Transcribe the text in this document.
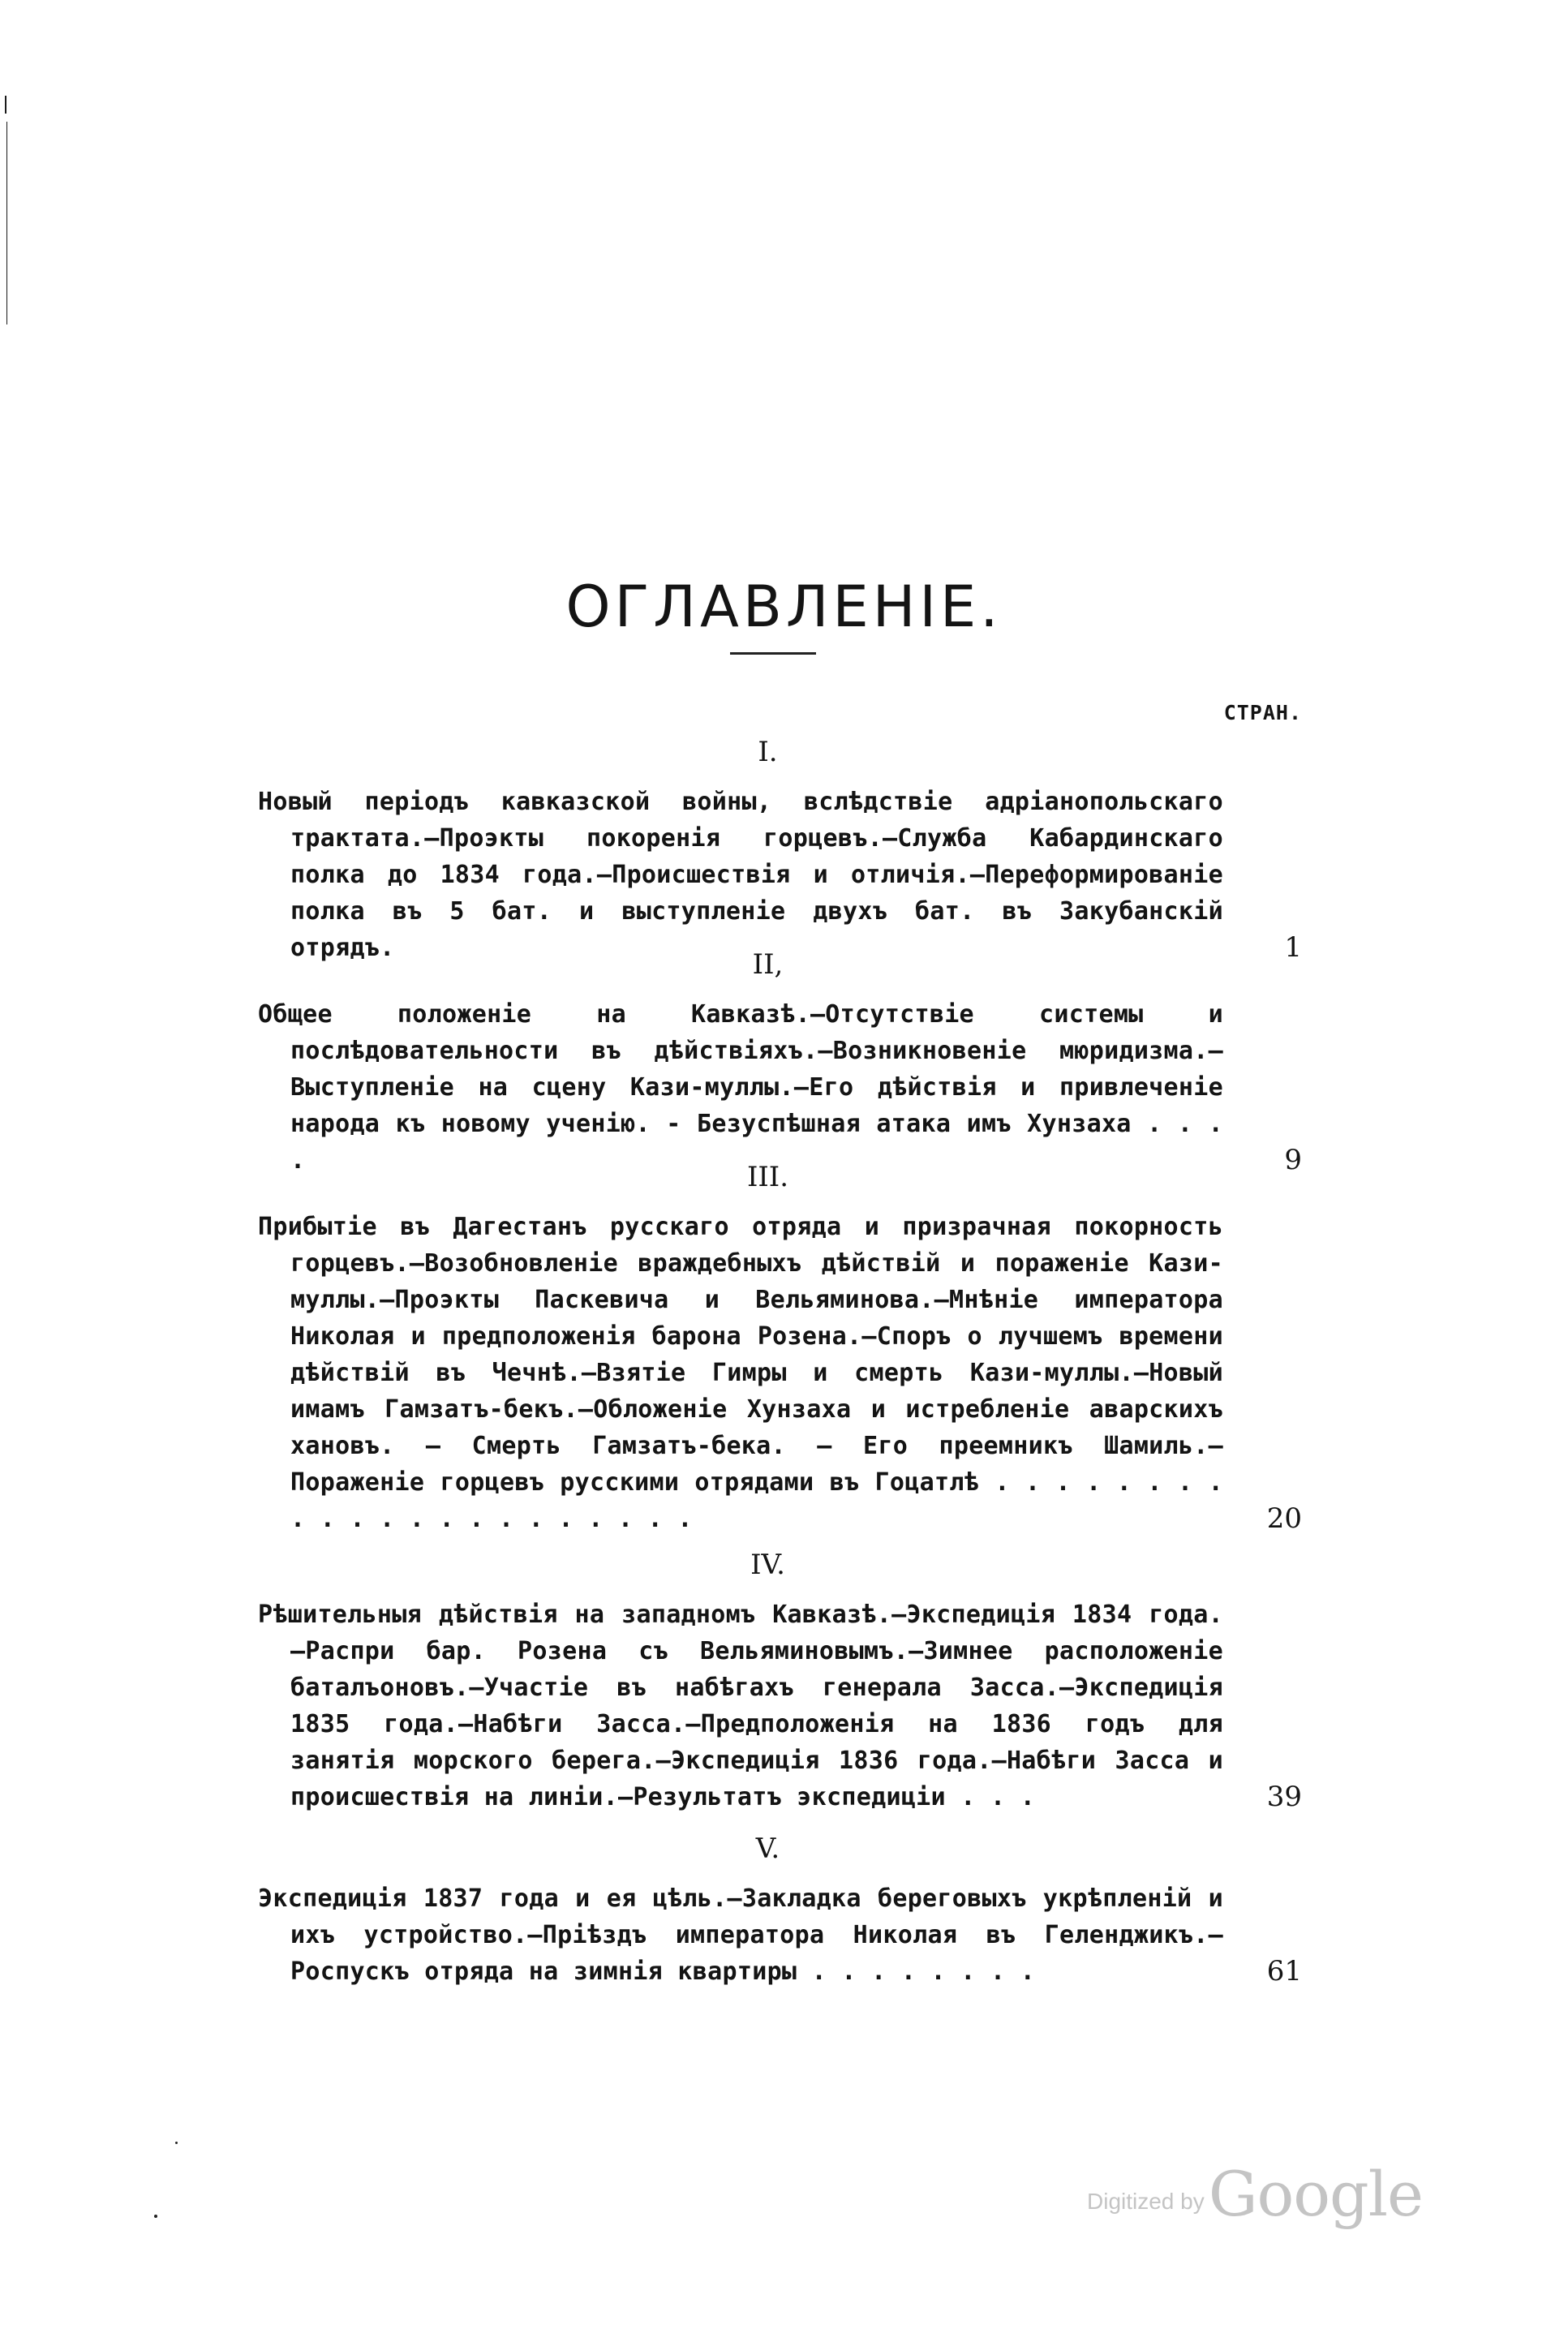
ОГЛАВЛЕНIЕ.
СТРАН.
I.
Новый перiодъ кавказской войны, вслѣдствiе адрiанопольскаго трактата.—Проэкты покоренiя горцевъ.—Служба Кабардинскаго полка до 1834 года.—Происшествiя и отличiя.—Переформированiе полка въ 5 бат. и выступленiе двухъ бат. въ Закубанскiй отрядъ.	1
II,
Общее положенiе на Кавказѣ.—Отсутствiе системы и послѣдовательности въ дѣйствiяхъ.—Возникновенiе мюридизма.—Выступленiе на сцену Кази-муллы.—Его дѣйствiя и привлеченiе народа къ новому ученiю. - Безуспѣшная атака имъ Хунзаха . . . .	9
III.
Прибытiе въ Дагестанъ русскаго отряда и призрачная покорность горцевъ.—Возобновленiе враждебныхъ дѣйствiй и пораженiе Кази-муллы.—Проэкты Паскевича и Вельяминова.—Мнѣнiе императора Николая и предположенiя барона Розена.—Споръ о лучшемъ времени дѣйствiй въ Чечнѣ.—Взятiе Гимры и смерть Кази-муллы.—Новый имамъ Гамзатъ-бекъ.—Обложенiе Хунзаха и истребленiе аварскихъ хановъ. — Смерть Гамзатъ-бека. — Его преемникъ Шамиль.—Пораженiе горцевъ русскими отрядами въ Гоцатлѣ . . . . . . . . . . . . . . . . . . . . . .	20
IV.
Рѣшительныя дѣйствiя на западномъ Кавказѣ.—Экспедицiя 1834 года.—Распри бар. Розена съ Вельяминовымъ.—Зимнее расположенiе баталъоновъ.—Участiе въ набѣгахъ генерала Засса.—Экспедицiя 1835 года.—Набѣги Засса.—Предположенiя на 1836 годъ для занятiя морского берега.—Экспедицiя 1836 года.—Набѣги Засса и происшествiя на линiи.—Результатъ экспедицiи . . .	39
V.
Экспедицiя 1837 года и ея цѣль.—Закладка береговыхъ укрѣпленiй и ихъ устройство.—Прiѣздъ императора Николая въ Геленджикъ.—Роспускъ отряда на зимнiя квартиры . . . . . . . .	61
Digitized by Google
